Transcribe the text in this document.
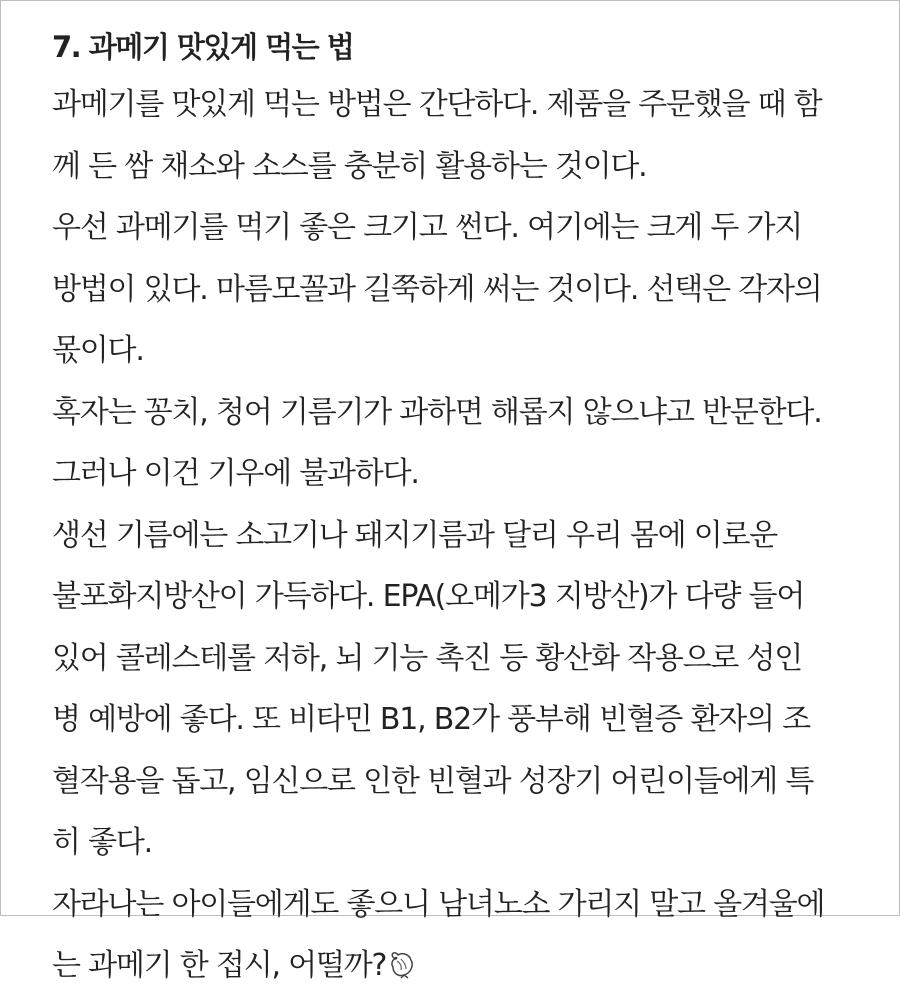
7. 과메기 맛있게 먹는 법

과메기를 맛있게 먹는 방법은 간단하다. 제품을 주문했을 때 함
께 든 쌈 채소와 소스를 충분히 활용하는 것이다.

우선 과메기를 먹기 좋은 크기고 썬다. 여기에는 크게 두 가지
방법이 있다. 마름모꼴과 길쭉하게 써는 것이다. 선택은 각자의
몫이다.

혹자는 꽁치, 청어 기름기가 과하면 해롭지 않으냐고 반문한다.
그러나 이건 기우에 불과하다.

생선 기름에는 소고기나 돼지기름과 달리 우리 몸에 이로운
불포화지방산이 가득하다. EPA(오메가3 지방산)가 다량 들어
있어 콜레스테롤 저하, 뇌 기능 촉진 등 황산화 작용으로 성인
병 예방에 좋다. 또 비타민 B1, B2가 풍부해 빈혈증 환자의 조
혈작용을 돕고, 임신으로 인한 빈혈과 성장기 어린이들에게 특
히 좋다.

자라나는 아이들에게도 좋으니 남녀노소 가리지 말고 올겨울에
는 과메기 한 접시, 어떨까?
